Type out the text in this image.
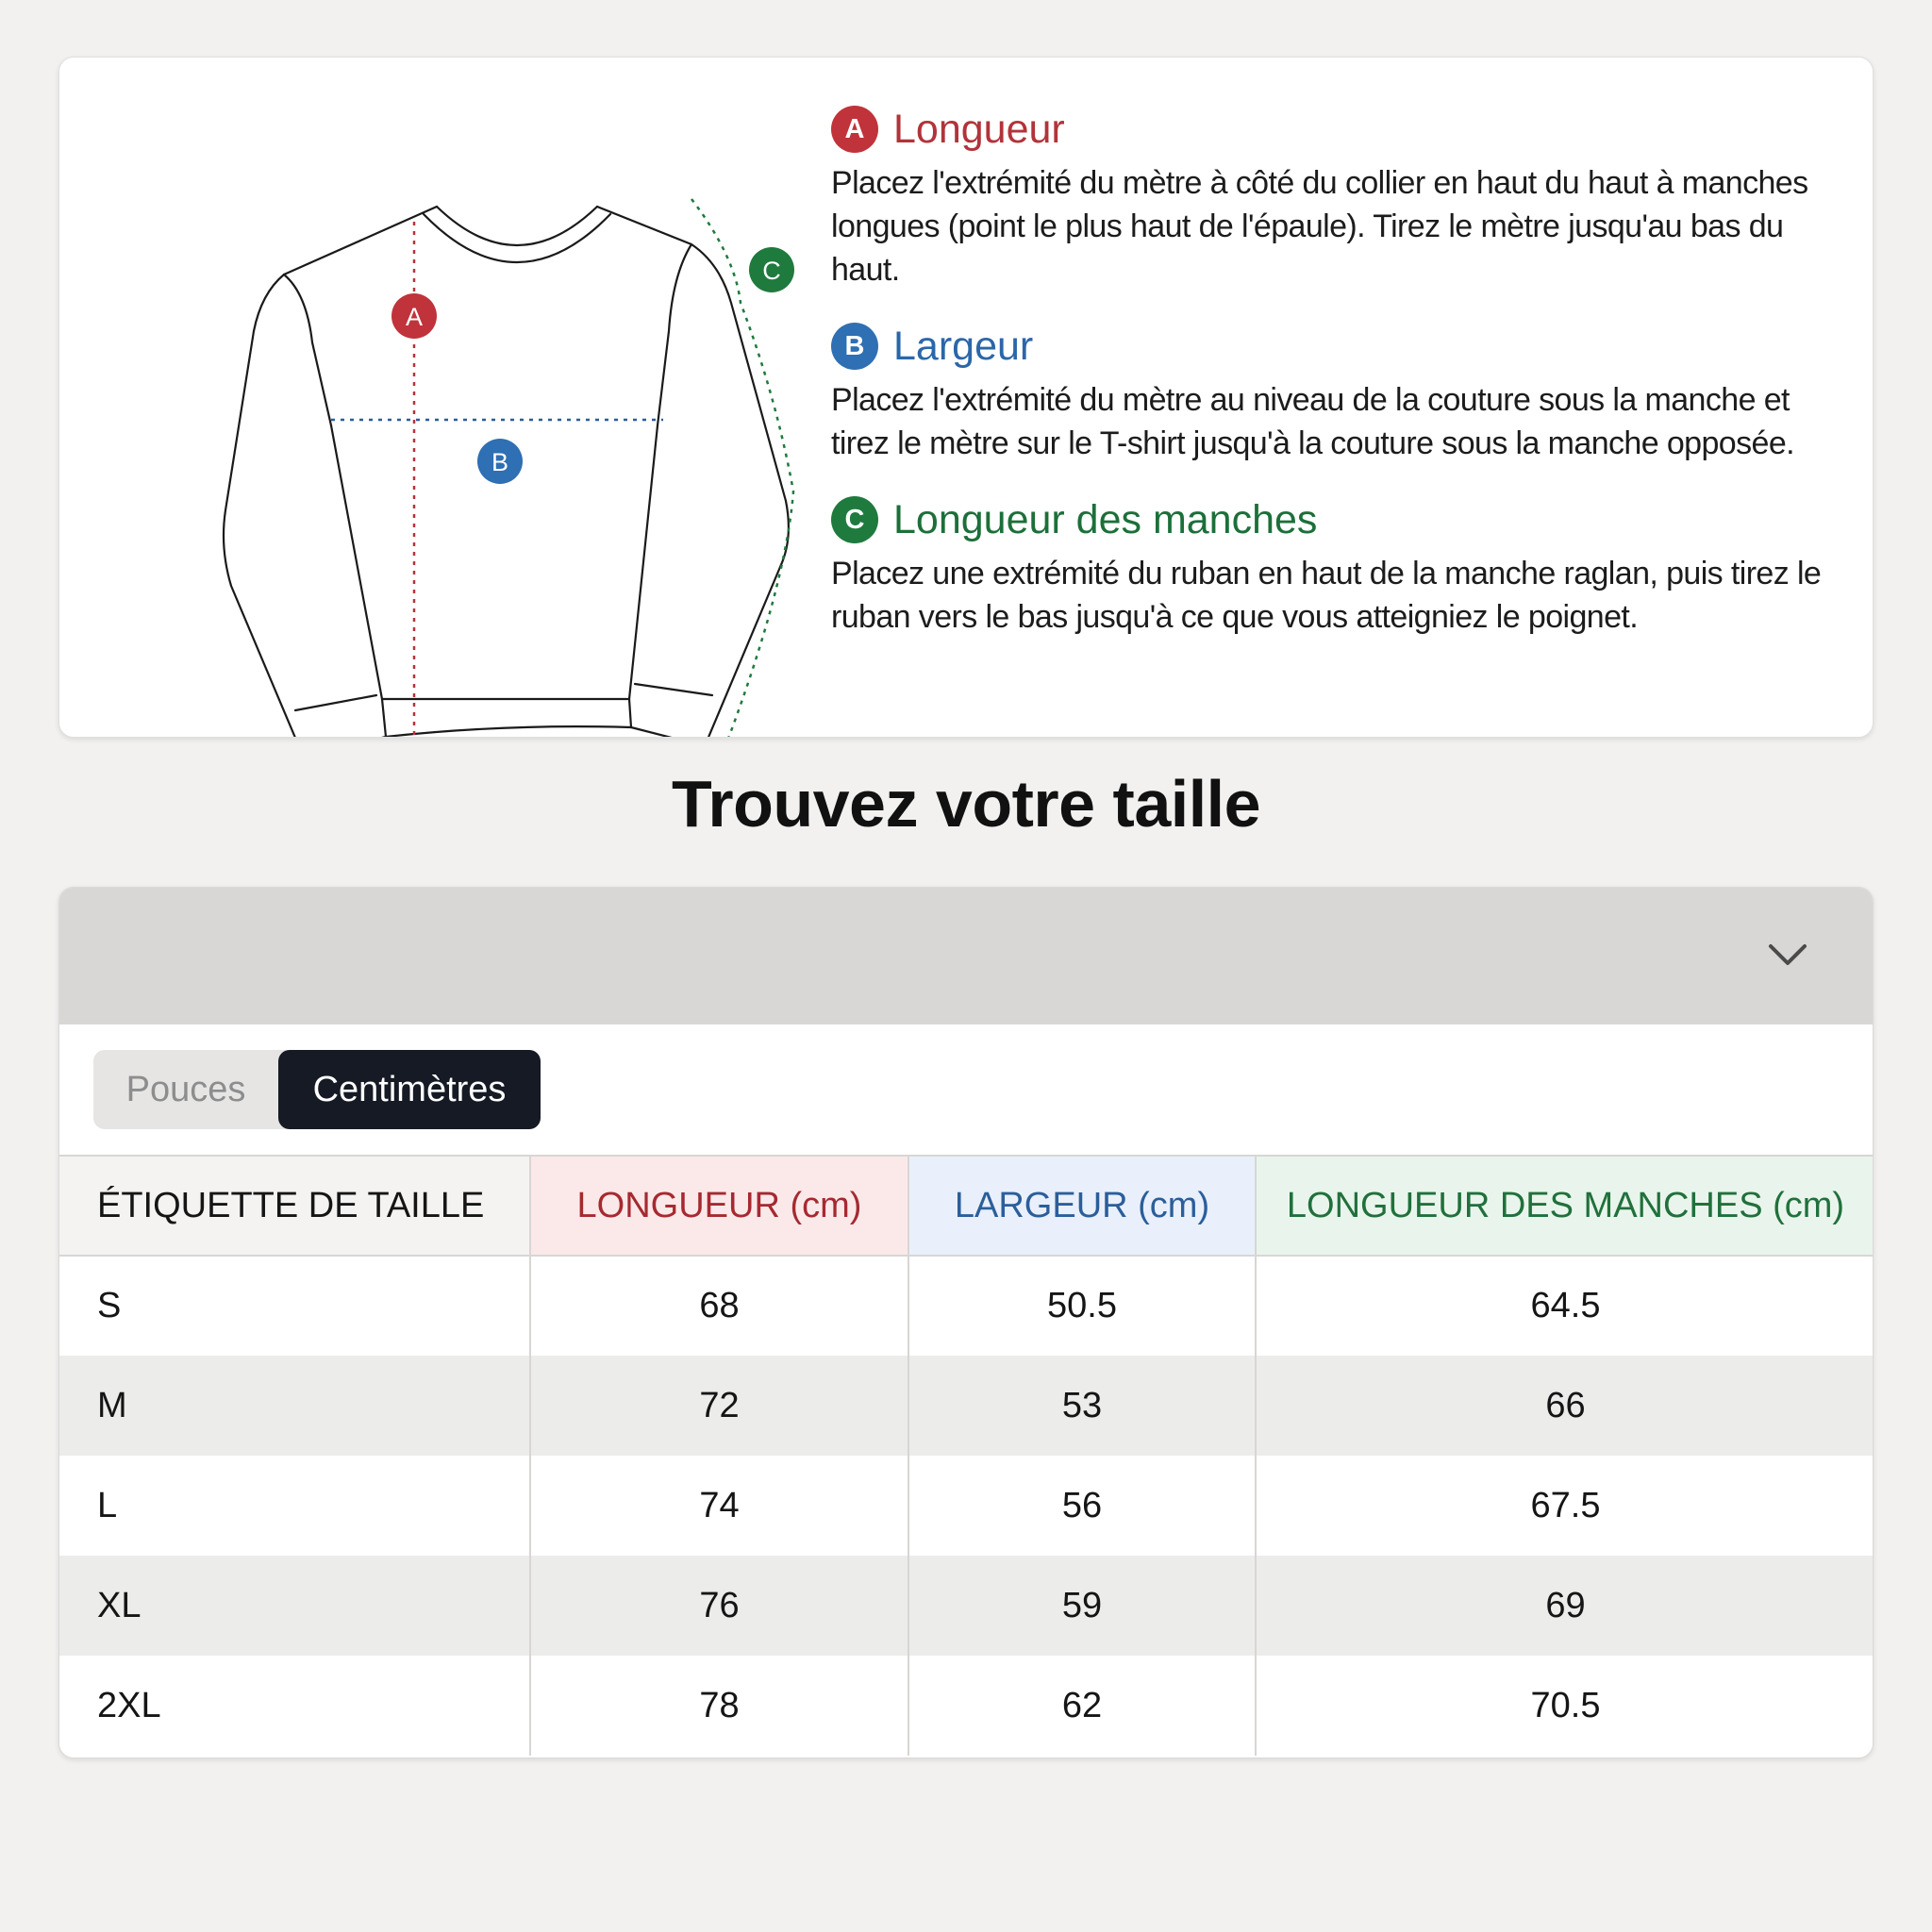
A
B
C
A Longueur

Placez l'extrémité du mètre à côté du collier en haut du haut à manches longues (point le plus haut de l'épaule). Tirez le mètre jusqu'au bas du haut.

B Largeur

Placez l'extrémité du mètre au niveau de la couture sous la manche et tirez le mètre sur le T-shirt jusqu'à la couture sous la manche opposée.

C Longueur des manches

Placez une extrémité du ruban en haut de la manche raglan, puis tirez le ruban vers le bas jusqu'à ce que vous atteigniez le poignet.

Trouvez votre taille
Pouces	Centimètres
ÉTIQUETTE DE TAILLE	LONGUEUR (cm)	LARGEUR (cm)	LONGUEUR DES MANCHES (cm)
S	68	50.5	64.5
M	72	53	66
L	74	56	67.5
XL	76	59	69
2XL	78	62	70.5
